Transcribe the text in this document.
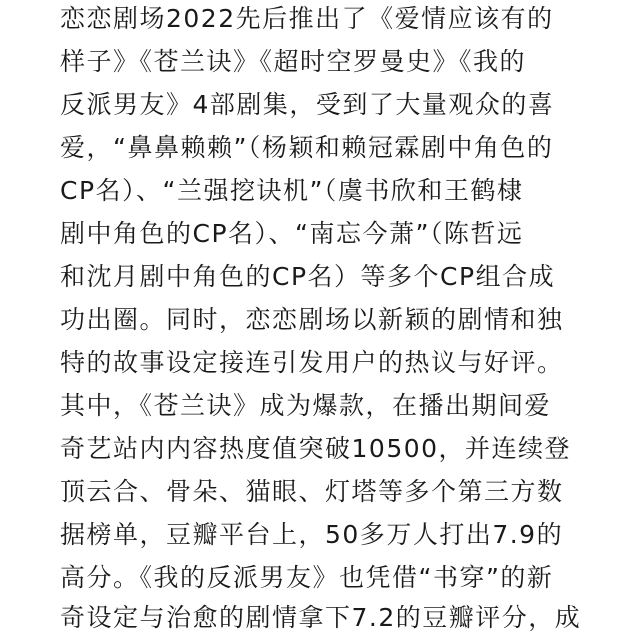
恋恋剧场2022先后推出了《爱情应该有的
样子》《苍兰诀》《超时空罗曼史》《我的
反派男友》4部剧集，受到了大量观众的喜
爱，“鼻鼻赖赖”（杨颖和赖冠霖剧中角色的
CP名）、“兰强挖诀机”（虞书欣和王鹤棣
剧中角色的CP名）、“南忘今萧”（陈哲远
和沈月剧中角色的CP名）等多个CP组合成
功出圈。同时，恋恋剧场以新颖的剧情和独
特的故事设定接连引发用户的热议与好评。
其中，《苍兰诀》成为爆款，在播出期间爱
奇艺站内内容热度值突破10500，并连续登
顶云合、骨朵、猫眼、灯塔等多个第三方数
据榜单，豆瓣平台上，50多万人打出7.9的
高分。《我的反派男友》也凭借“书穿”的新
奇设定与治愈的剧情拿下7.2的豆瓣评分，成
